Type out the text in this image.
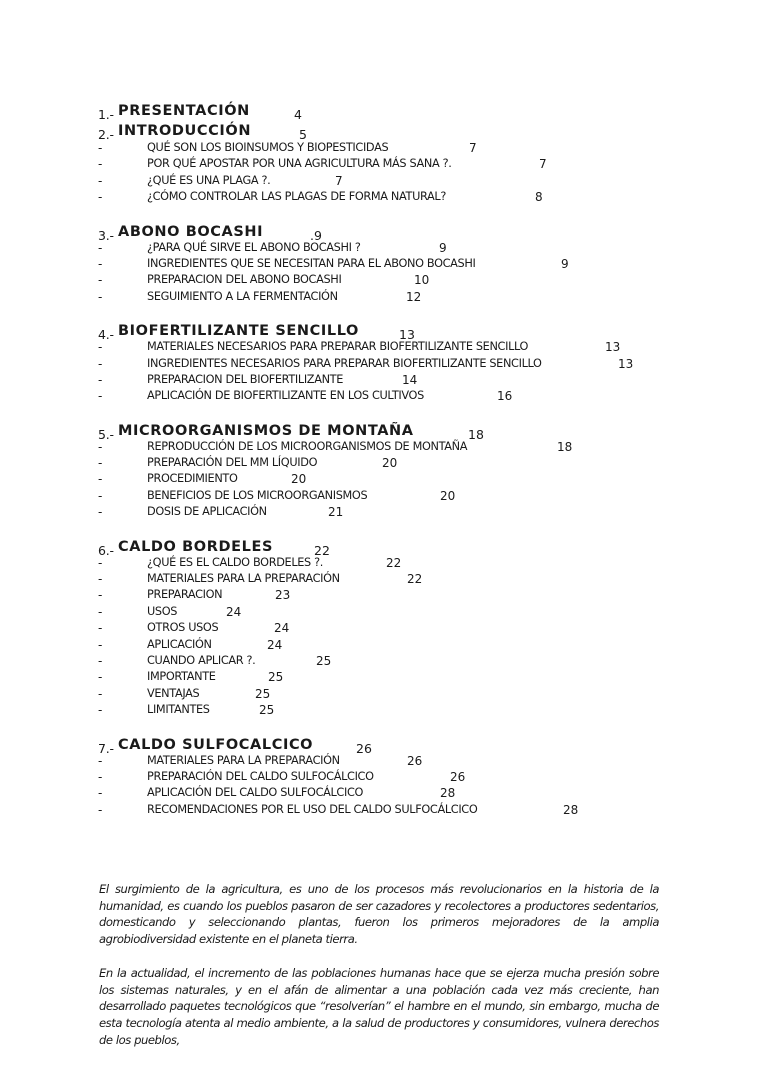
1.- PRESENTACIÓN	4
2.- INTRODUCCIÓN	5
-	QUÉ SON LOS BIOINSUMOS Y BIOPESTICIDAS	7
-	POR QUÉ APOSTAR POR UNA AGRICULTURA MÁS SANA ?.	7
-	¿QUÉ ES UNA PLAGA ?.	7
-	¿CÓMO CONTROLAR LAS PLAGAS DE FORMA NATURAL?	8
3.- ABONO BOCASHI	.9
-	¿PARA QUÉ SIRVE EL ABONO BOCASHI ?	9
-	INGREDIENTES QUE SE NECESITAN PARA EL ABONO BOCASHI	9
-	PREPARACION DEL ABONO BOCASHI	10
-	SEGUIMIENTO A LA FERMENTACIÓN	12
4.- BIOFERTILIZANTE SENCILLO	13
-	MATERIALES NECESARIOS PARA PREPARAR BIOFERTILIZANTE SENCILLO	13
-	INGREDIENTES NECESARIOS PARA PREPARAR BIOFERTILIZANTE SENCILLO	13
-	PREPARACION DEL BIOFERTILIZANTE	14
-	APLICACIÓN DE BIOFERTILIZANTE EN LOS CULTIVOS	16
5.- MICROORGANISMOS DE MONTAÑA	18
-	REPRODUCCIÓN DE LOS MICROORGANISMOS DE MONTAÑA	18
-	PREPARACIÓN DEL MM LÍQUIDO	20
-	PROCEDIMIENTO	20
-	BENEFICIOS DE LOS MICROORGANISMOS	20
-	DOSIS DE APLICACIÓN	21
6.- CALDO BORDELES	22
-	¿QUÉ ES EL CALDO BORDELES ?.	22
-	MATERIALES PARA LA PREPARACIÓN	22
-	PREPARACION	23
-	USOS	24
-	OTROS USOS	24
-	APLICACIÓN	24
-	CUANDO APLICAR ?.	25
-	IMPORTANTE	25
-	VENTAJAS	25
-	LIMITANTES	25
7.- CALDO SULFOCALCICO	26
-	MATERIALES PARA LA PREPARACIÓN	26
-	PREPARACIÓN DEL CALDO SULFOCÁLCICO	26
-	APLICACIÓN DEL CALDO SULFOCÁLCICO	28
-	RECOMENDACIONES POR EL USO DEL CALDO SULFOCÁLCICO	28

El surgimiento de la agricultura, es uno de los procesos más revolucionarios en la historia de la humanidad, es cuando los pueblos pasaron de ser cazadores y recolectores a productores sedentarios, domesticando y seleccionando plantas, fueron los primeros mejoradores de la amplia agrobiodiversidad existente en el planeta tierra.

En la actualidad, el incremento de las poblaciones humanas hace que se ejerza mucha presión sobre los sistemas naturales, y en el afán de alimentar a una población cada vez más creciente, han desarrollado paquetes tecnológicos que “resolverían” el hambre en el mundo, sin embargo, mucha de esta tecnología atenta al medio ambiente, a la salud de productores y consumidores, vulnera derechos de los pueblos,
